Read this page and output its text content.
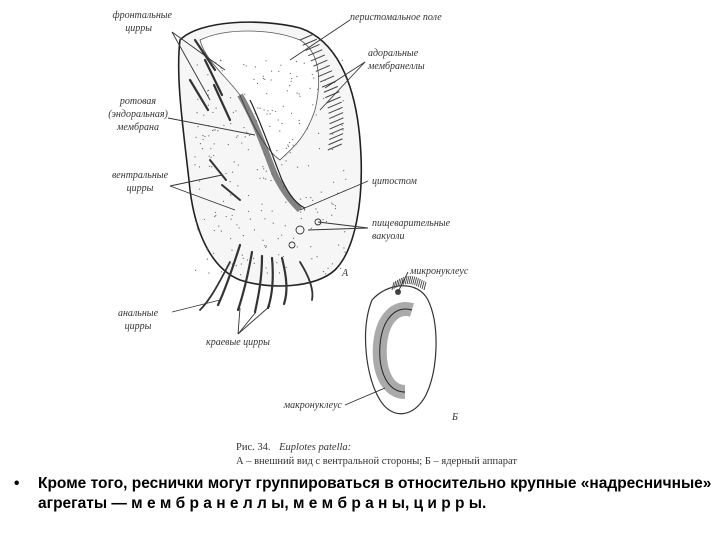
фронтальные
цирры
перистомальное поле
адоральные
мембранеллы
ротовая
(эндоральная)
мембрана
вентральные
цирры
цитостом
пищеварительные
вакуоли
анальные
цирры
краевые цирры
А	микронуклеус
макронуклеус
Б
Рис. 34. Euplotes patella:
А – внешний вид с вентральной стороны; Б – ядерный аппарат
•	Кроме того, реснички могут группироваться в относительно крупные «надресничные» агрегаты — м е м б р а н е л л ы, м е м б р а н ы, ц и р р ы.
